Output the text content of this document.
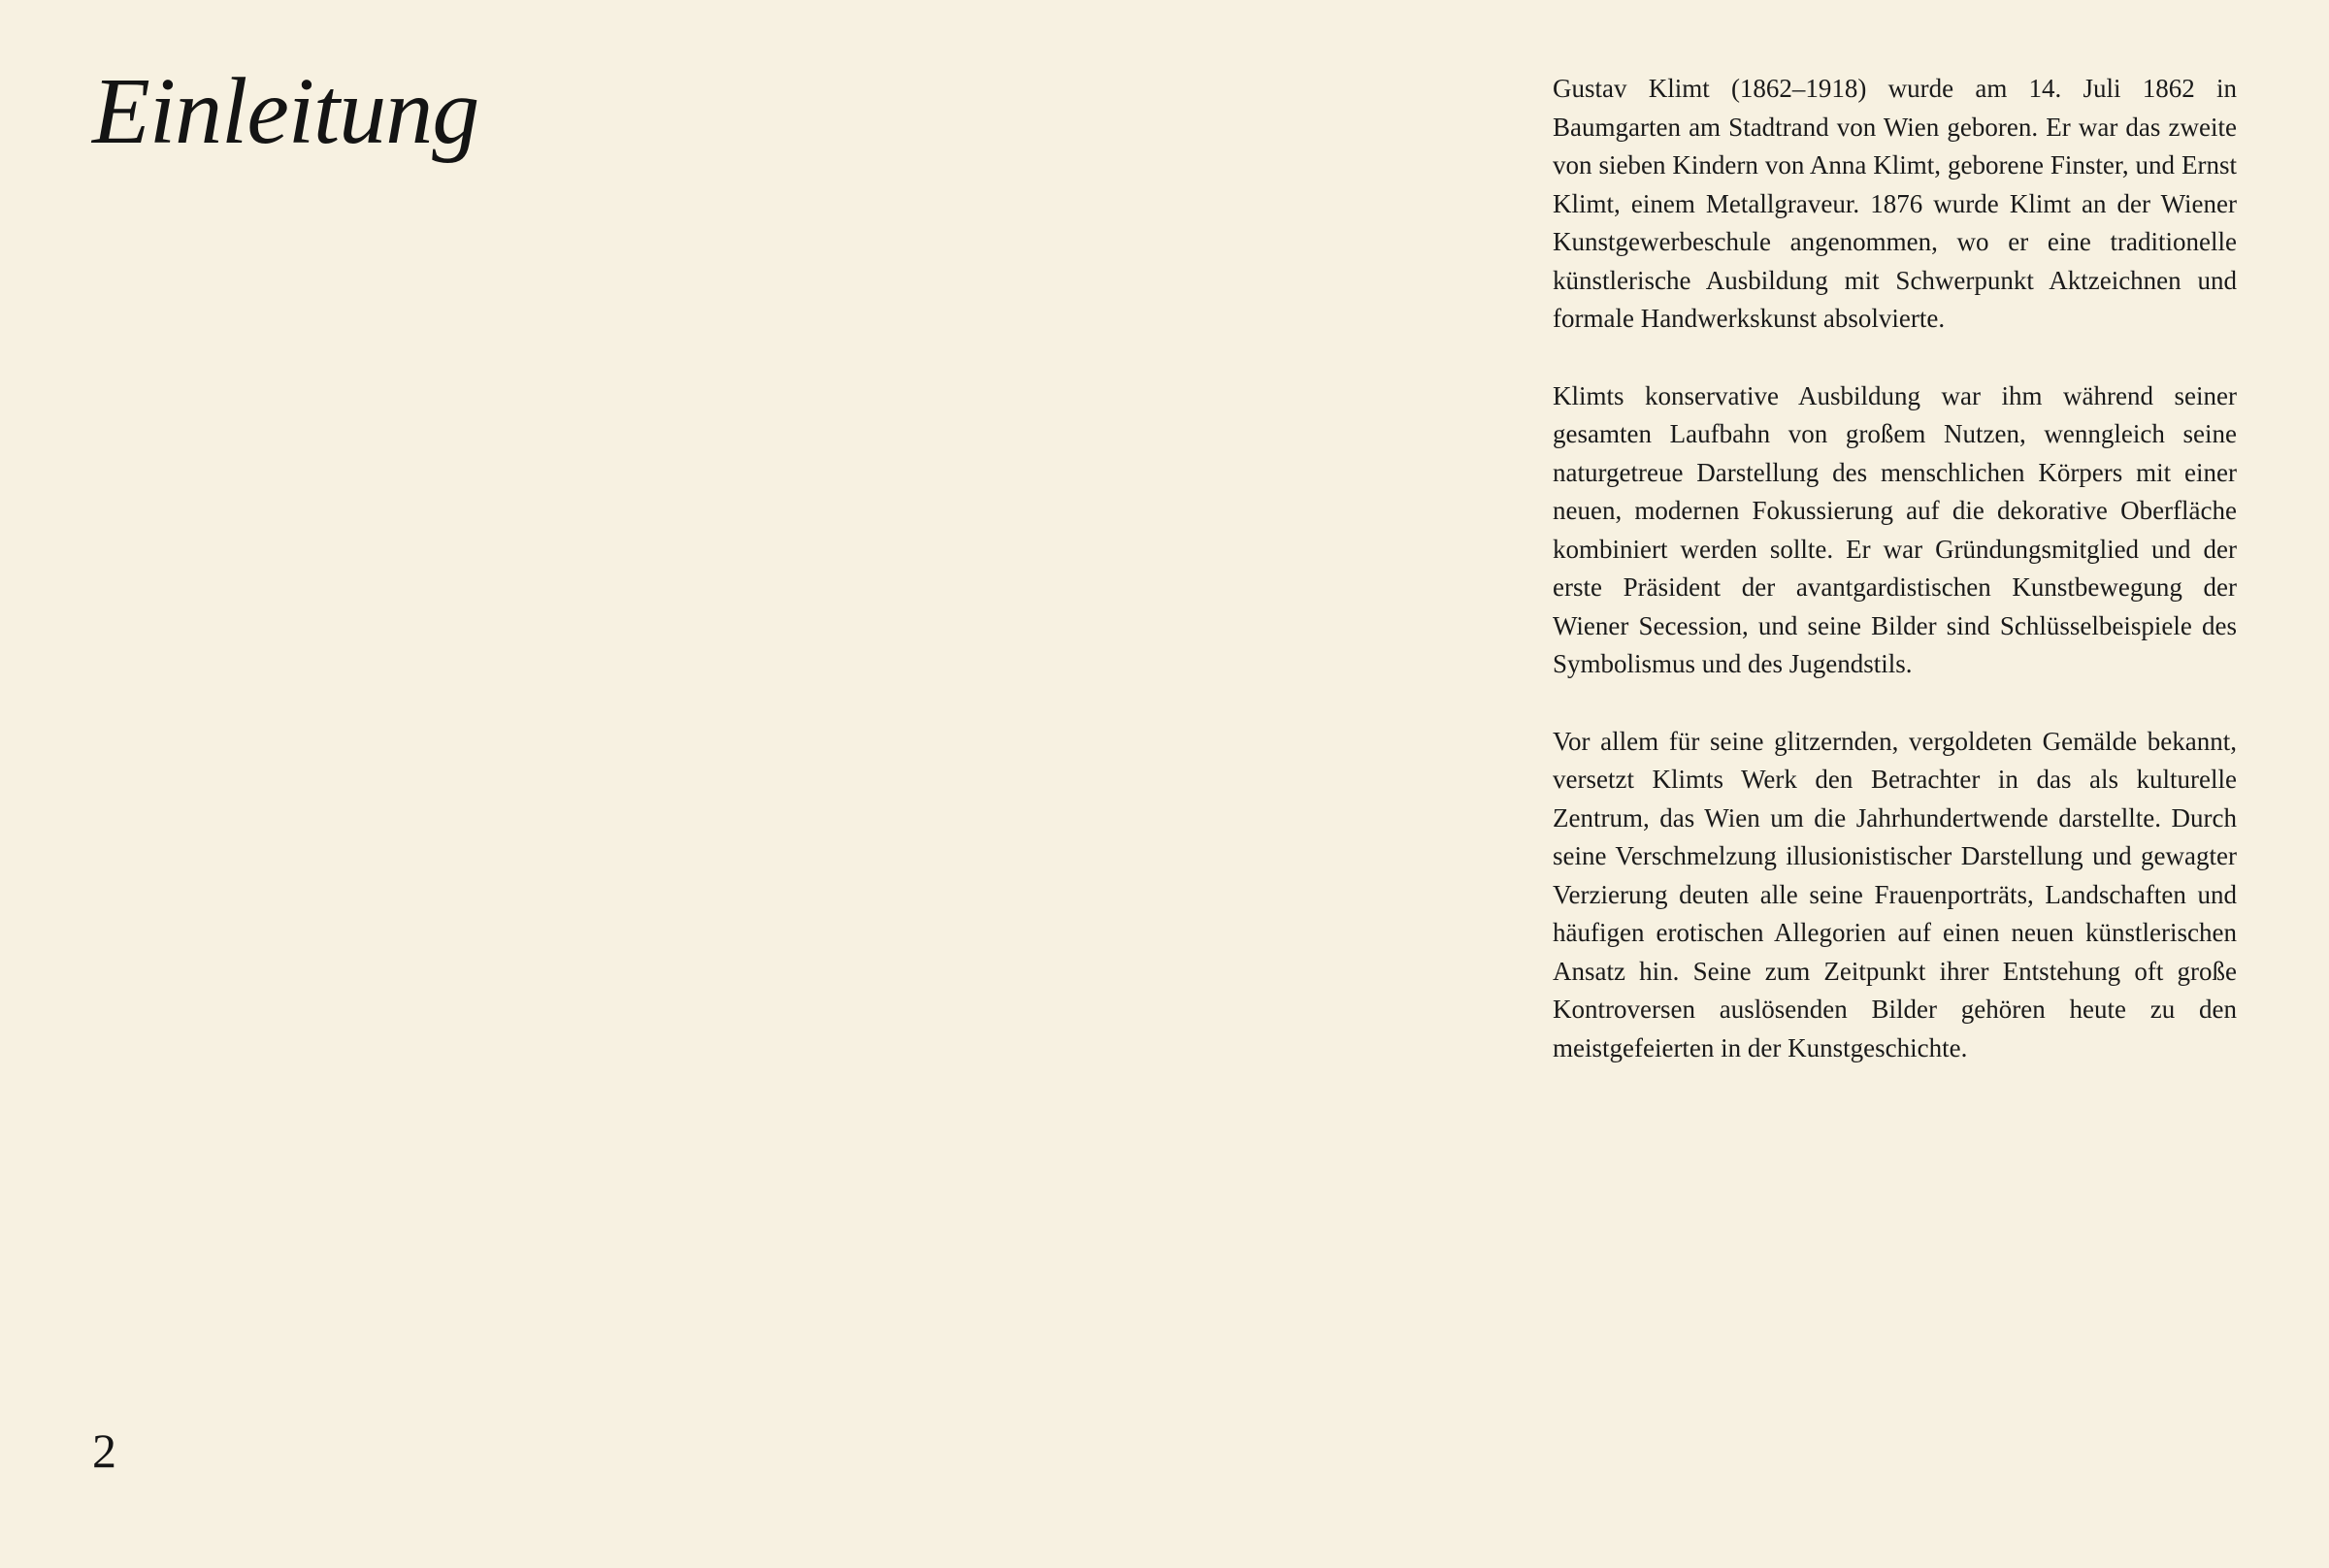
Einleitung	Gustav Klimt (1862–1918) wurde am 14. Juli 1862 in Baumgarten am Stadtrand von Wien geboren. Er war das zweite von sieben Kindern von Anna Klimt, geborene Finster, und Ernst Klimt, einem Metallgraveur. 1876 wurde Klimt an der Wiener Kunstgewerbeschule angenommen, wo er eine traditionelle künstlerische Ausbildung mit Schwerpunkt Aktzeichnen und formale Handwerkskunst absolvierte.

Klimts konservative Ausbildung war ihm während seiner gesamten Laufbahn von großem Nutzen, wenngleich seine naturgetreue Darstellung des menschlichen Körpers mit einer neuen, modernen Fokussierung auf die dekorative Oberfläche kombiniert werden sollte. Er war Gründungsmitglied und der erste Präsident der avantgardistischen Kunstbewegung der Wiener Secession, und seine Bilder sind Schlüsselbeispiele des Symbolismus und des Jugendstils.

Vor allem für seine glitzernden, vergoldeten Gemälde bekannt, versetzt Klimts Werk den Betrachter in das als kulturelle Zentrum, das Wien um die Jahrhundertwende darstellte. Durch seine Verschmelzung illusionistischer Darstellung und gewagter Verzierung deuten alle seine Frauenporträts, Landschaften und häufigen erotischen Allegorien auf einen neuen künstlerischen Ansatz hin. Seine zum Zeitpunkt ihrer Entstehung oft große Kontroversen auslösenden Bilder gehören heute zu den meistgefeierten in der Kunstgeschichte.

2
